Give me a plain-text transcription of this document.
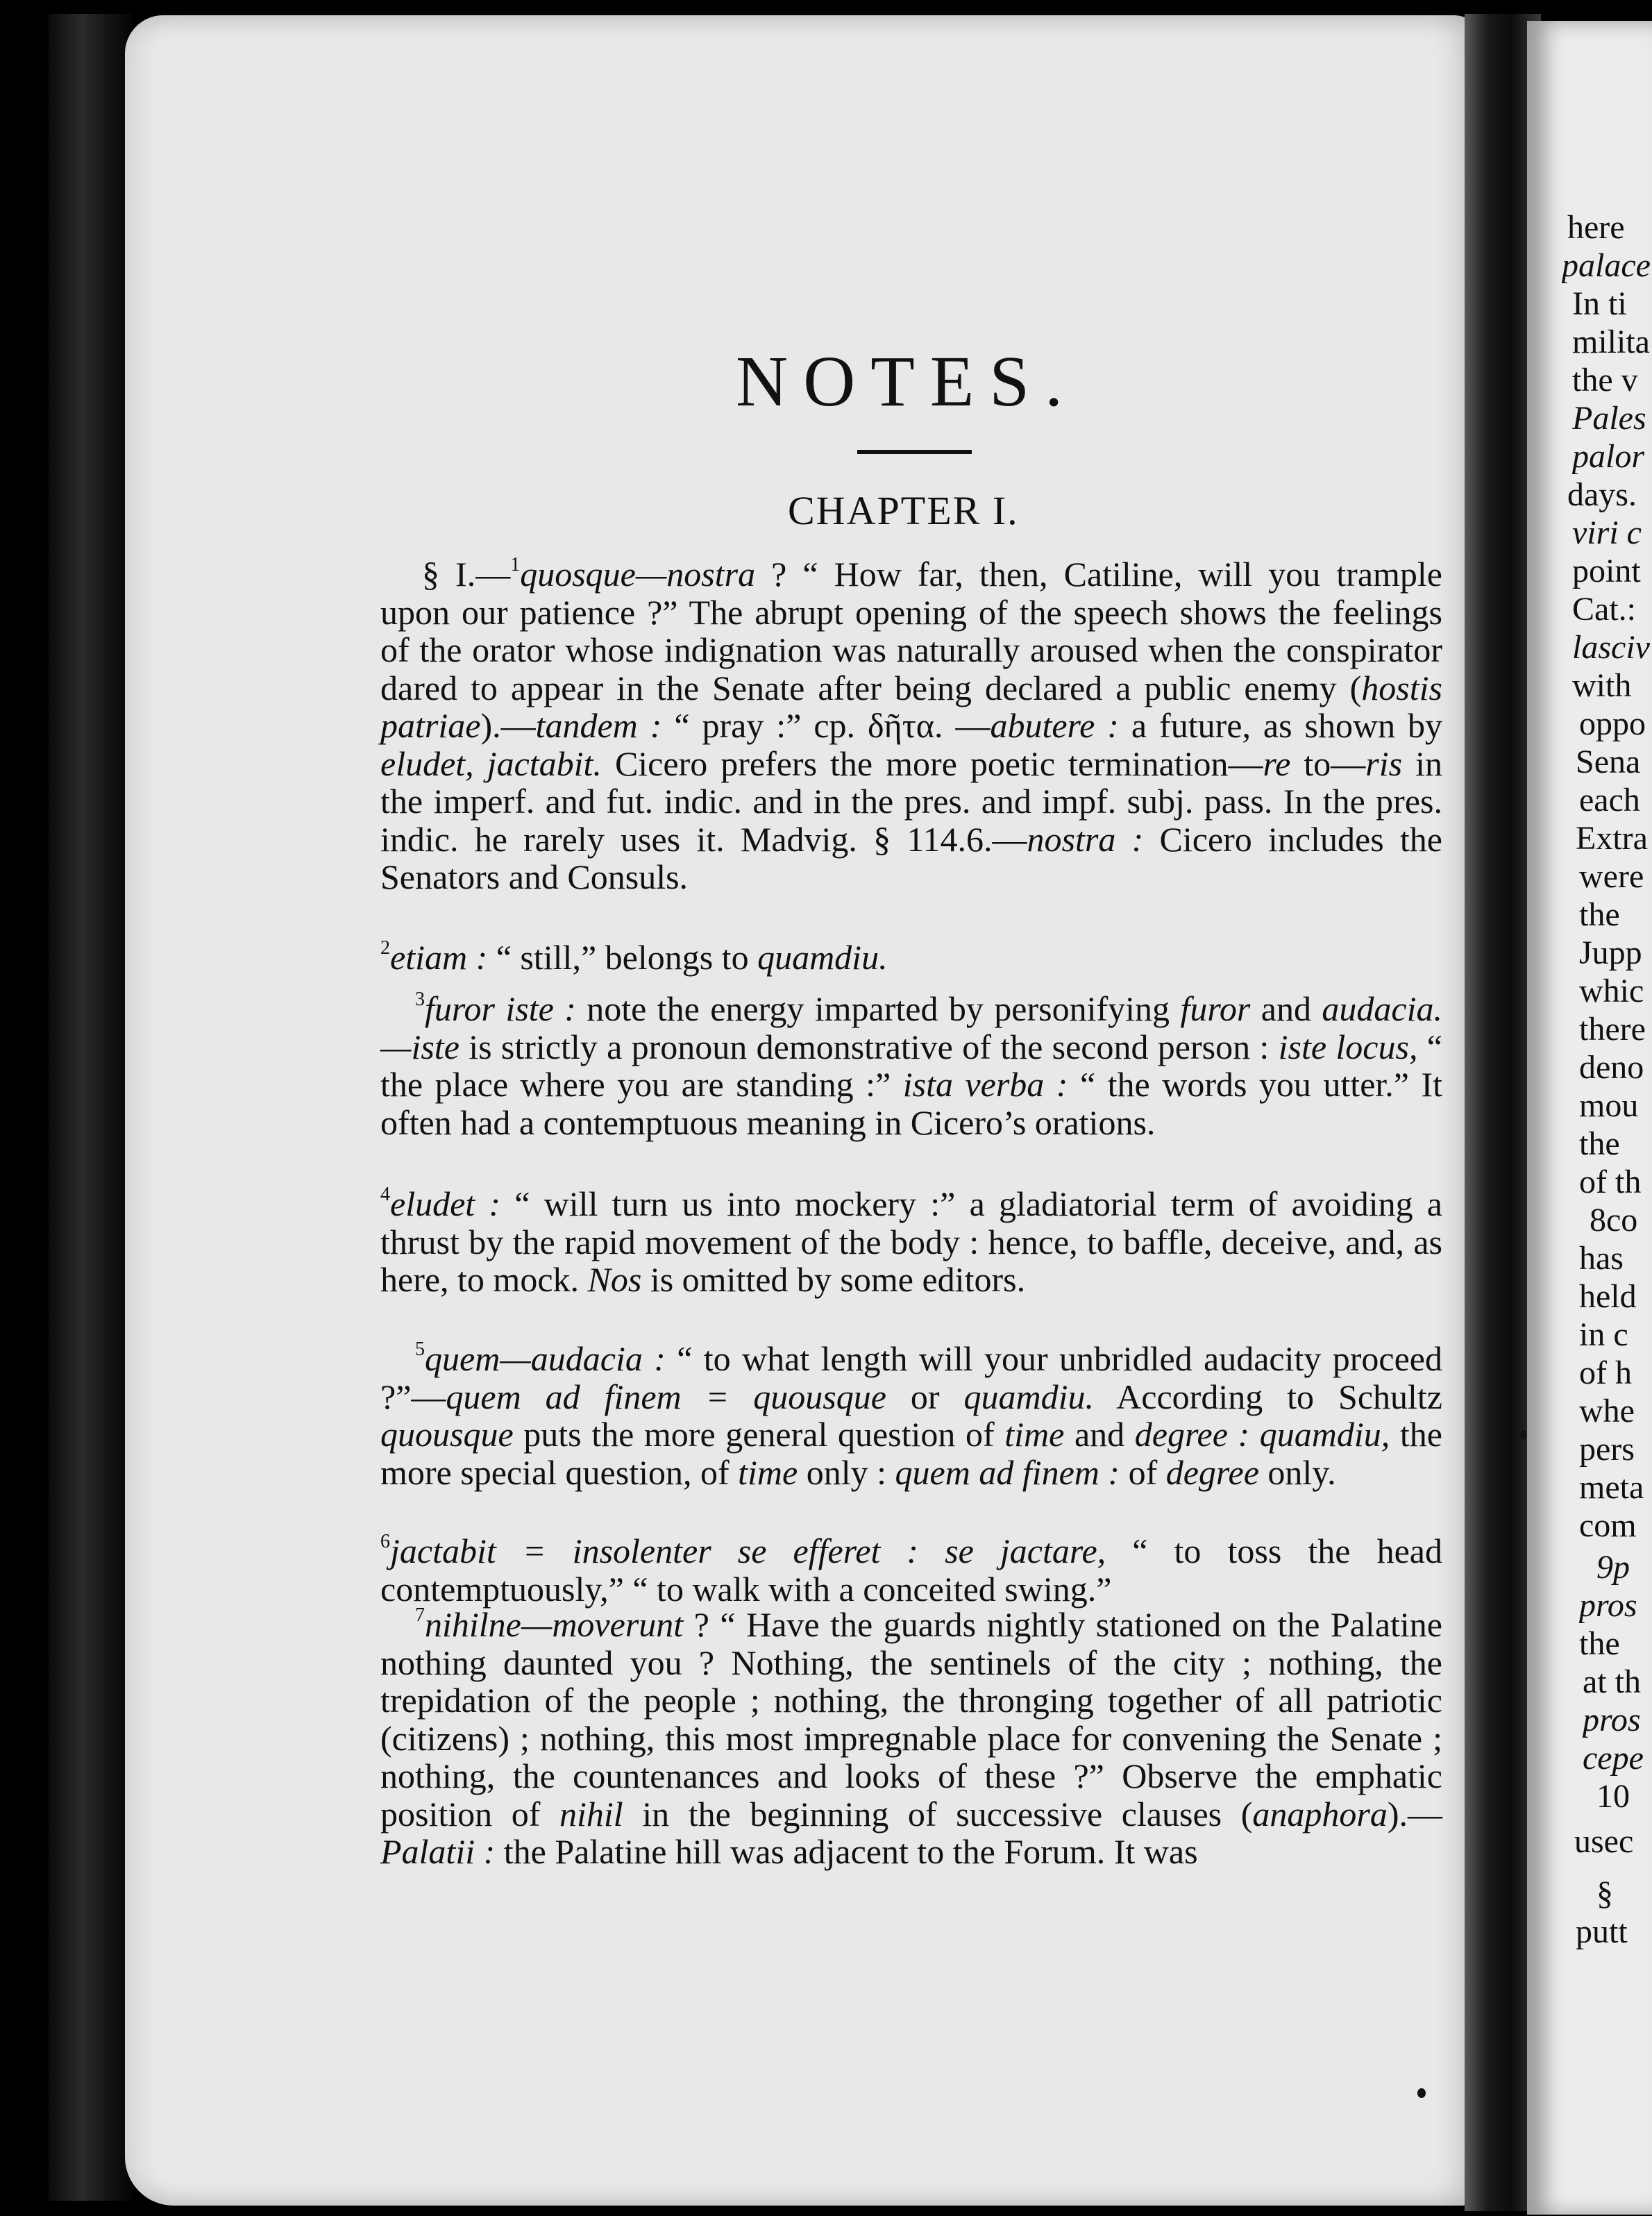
NOTES.
CHAPTER I.
§ I.—$^1$quosque—nostra ? “ How far, then, Catiline, will you trample upon our patience ?” The abrupt opening of the speech shows the feelings of the orator whose indignation was naturally aroused when the conspirator dared to appear in the Senate after being declared a public enemy (hostis patriae).—tandem : “ pray :” cp. δῆτα. —abutere : a future, as shown by eludet, jactabit. Cicero prefers the more poetic termination—re to—ris in the imperf. and fut. indic. and in the pres. and impf. subj. pass. In the pres. indic. he rarely uses it. Madvig. § 114.6.—nostra : Cicero includes the Senators and Consuls.
$^2$etiam : “ still,” belongs to quamdiu.
$^3$furor iste : note the energy imparted by personifying furor and audacia.—iste is strictly a pronoun demonstrative of the second person : iste locus, “ the place where you are standing :” ista verba : “ the words you utter.” It often had a contemptuous meaning in Cicero’s orations.
$^4$eludet : “ will turn us into mockery :” a gladiatorial term of avoiding a thrust by the rapid movement of the body : hence, to baffle, deceive, and, as here, to mock. Nos is omitted by some editors.
$^5$quem—audacia : “ to what length will your unbridled audacity proceed ?”—quem ad finem = quousque or quamdiu. According to Schultz quousque puts the more general question of time and degree : quamdiu, the more special question, of time only : quem ad finem : of degree only.
$^6$jactabit = insolenter se efferet : se jactare, “ to toss the head contemptuously,” “ to walk with a conceited swing.”
$^7$nihilne—moverunt ? “ Have the guards nightly stationed on the Palatine nothing daunted you ? Nothing, the sentinels of the city ; nothing, the trepidation of the people ; nothing, the thronging together of all patriotic (citizens) ; nothing, this most impregnable place for convening the Senate ; nothing, the countenances and looks of these ?” Observe the emphatic position of nihil in the beginning of successive clauses (anaphora).—Palatii : the Palatine hill was adjacent to the Forum. It was
here
palace
In ti
milita
the v
Pales
palor
days.
viri c
point
Cat.:
lasciv
with
oppo
Sena
each
Extra
were
the
Jupp
whic
there
deno
mou
the
of th
8co
has
held
in c
of h
whe
pers
meta
com
9p
pros
the
at th
pros
cepe
10
usec
§
putt
